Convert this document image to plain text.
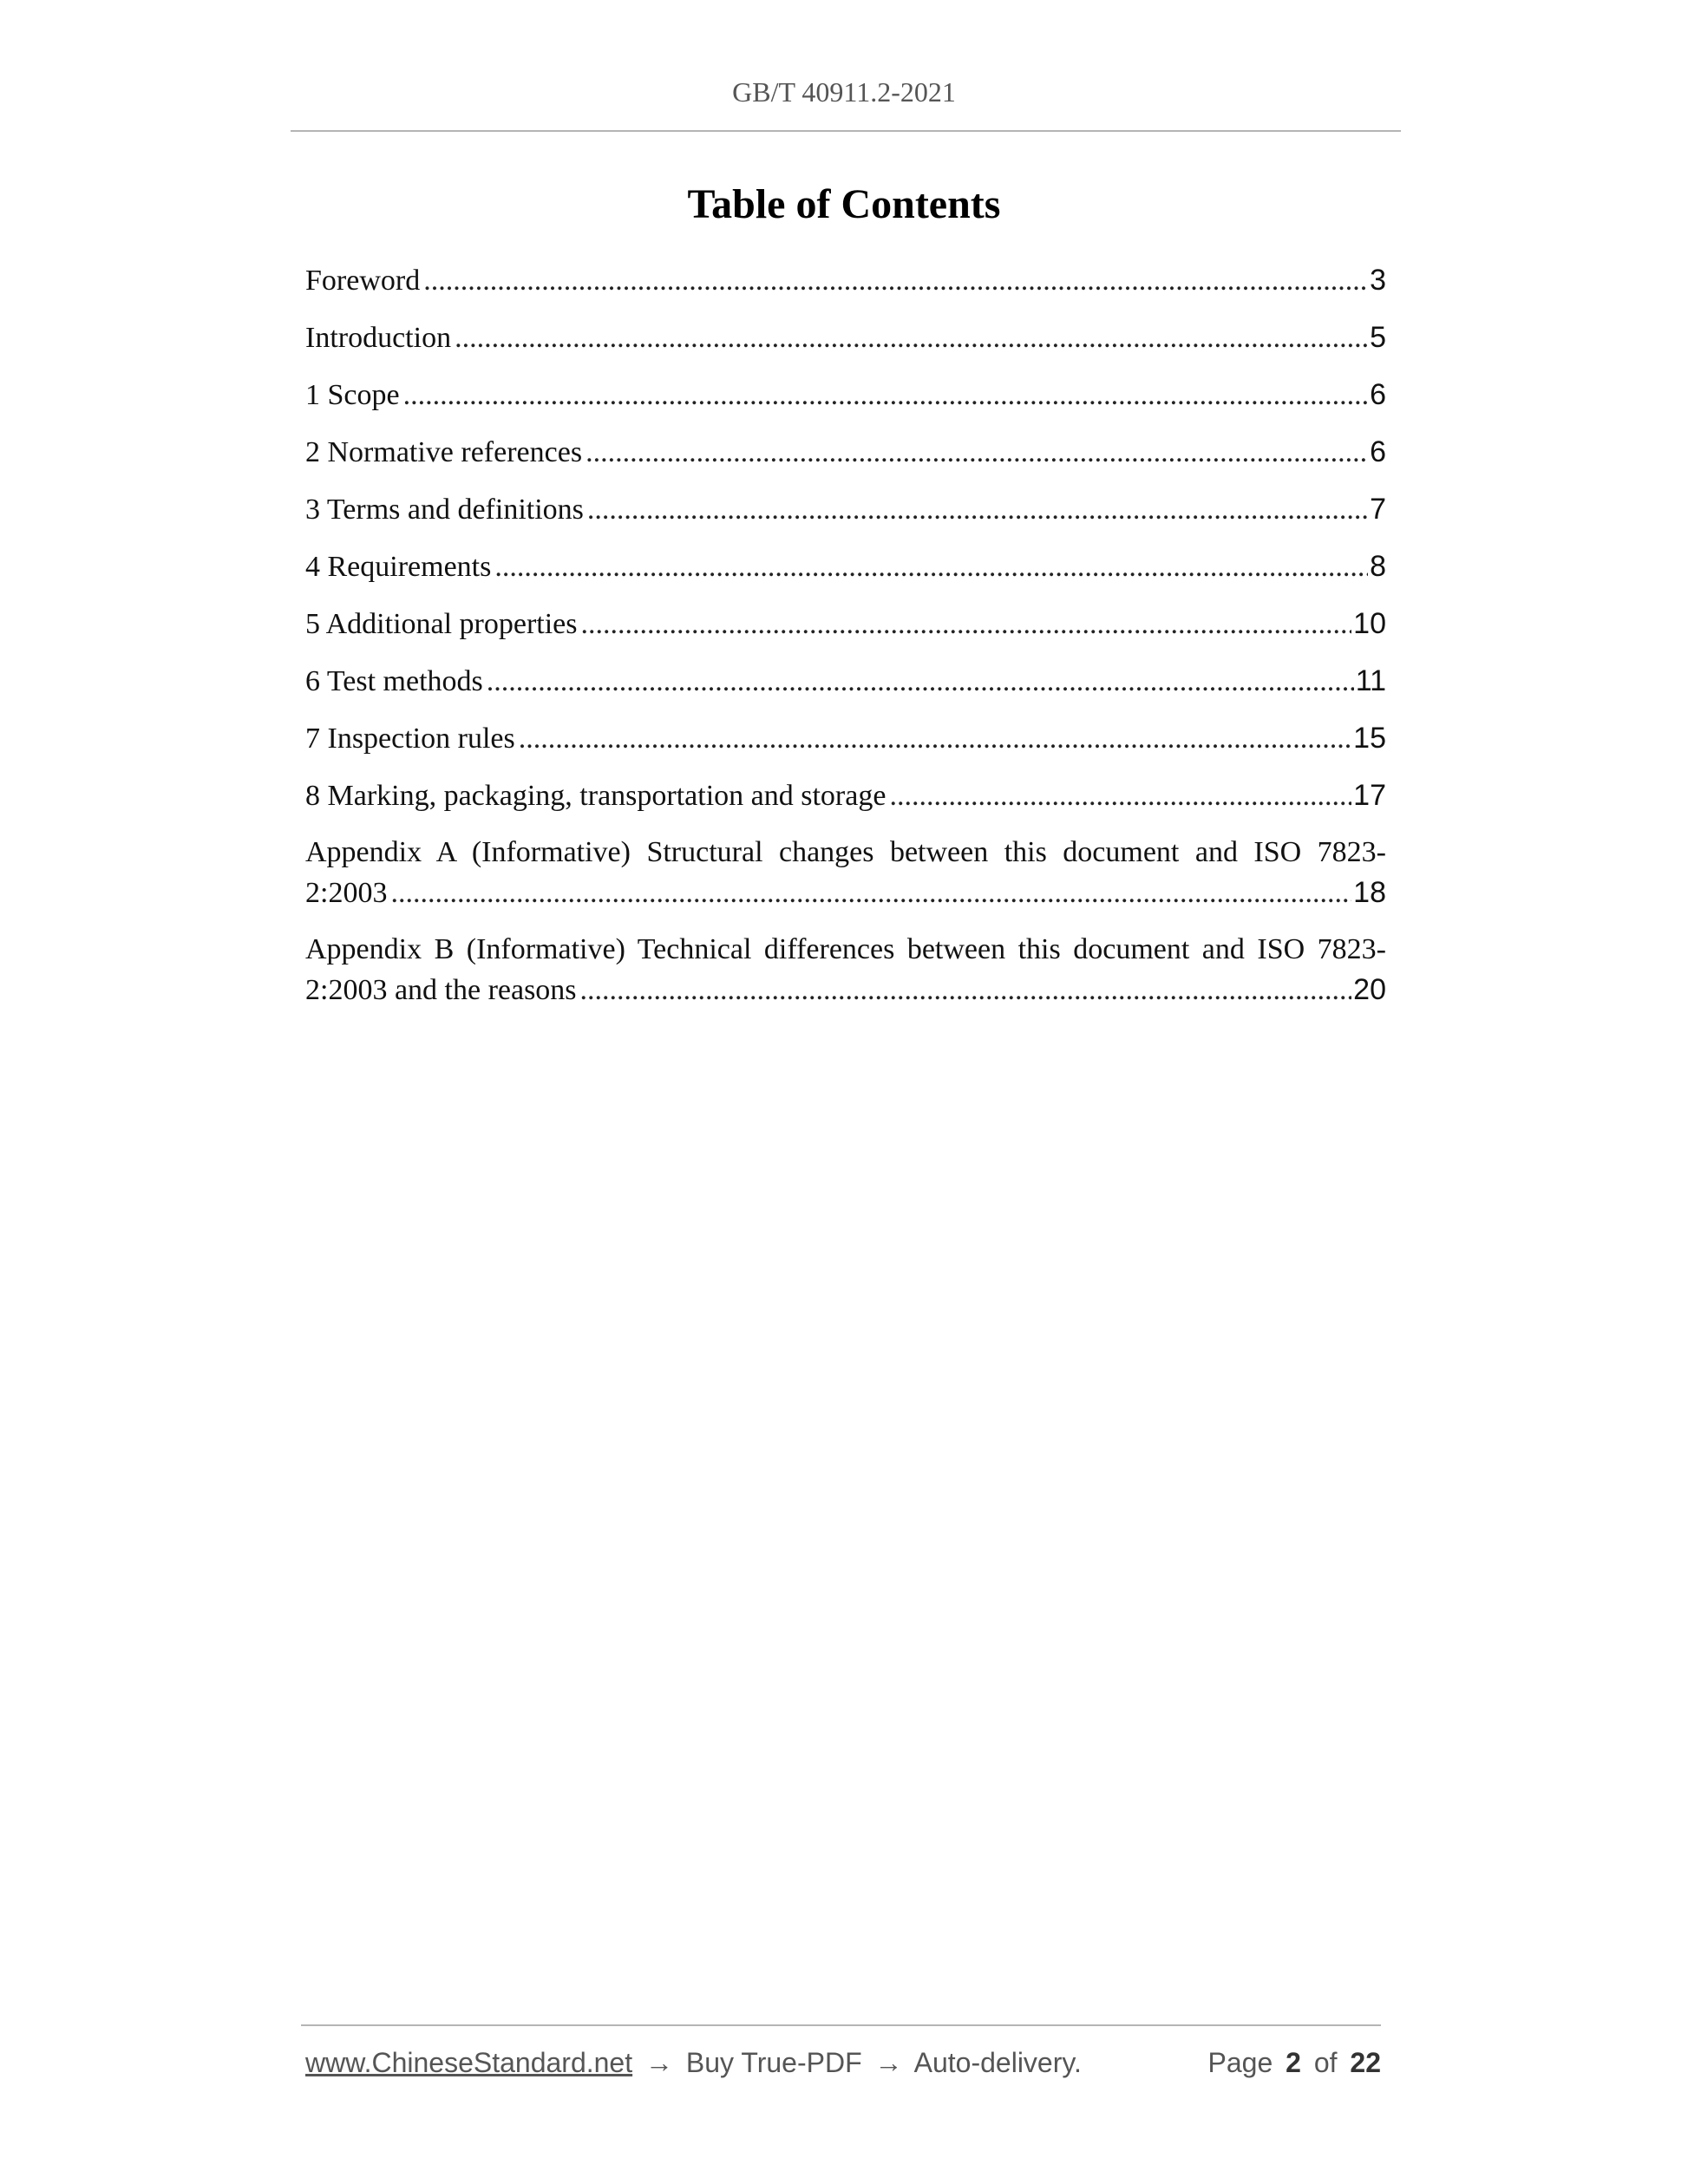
GB/T 40911.2-2021
Table of Contents
Foreword .....	3
Introduction .....	5
1 Scope .....	6
2 Normative references .....	6
3 Terms and definitions .....	7
4 Requirements .....	8
5 Additional properties .....	10
6 Test methods .....	11
7 Inspection rules .....	15
8 Marking, packaging, transportation and storage .....	17
Appendix A (Informative) Structural changes between this document and ISO 7823-
2:2003 .....	18
Appendix B (Informative) Technical differences between this document and ISO 7823-
2:2003 and the reasons .....	20
www.ChineseStandard.net → Buy True-PDF → Auto-delivery.	Page 2 of 22
